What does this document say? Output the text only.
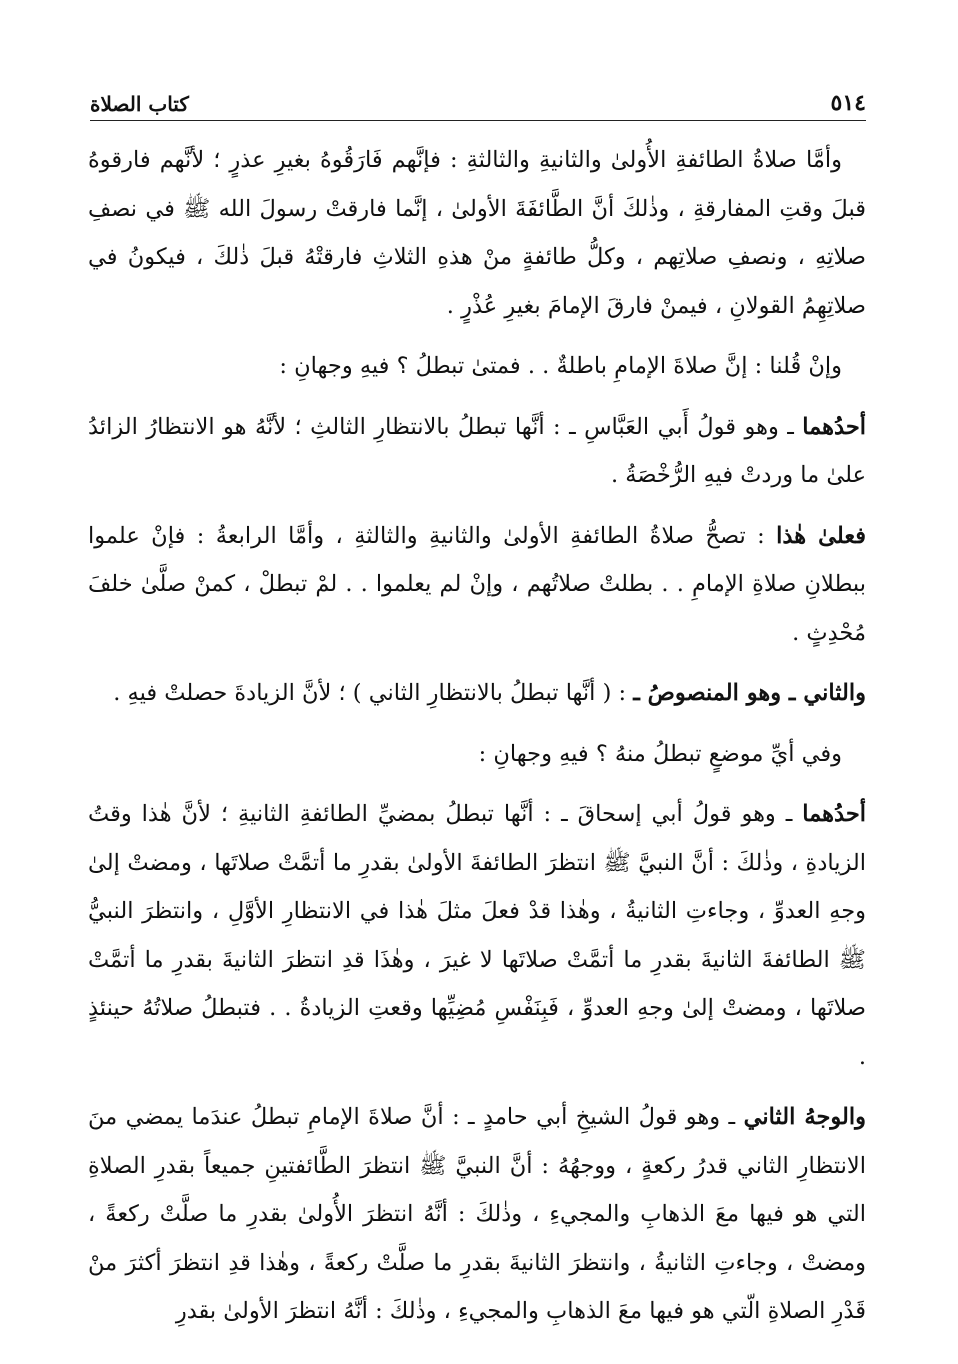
٥١٤
كتاب الصلاة

وأمَّا صلاةُ الطائفةِ الأُولىٰ والثانيةِ والثالثةِ : فإنَّهم فَارَقُوهُ بغيرِ عذرٍ ؛ لأنَّهم فارقوهُ قبلَ وقتِ المفارقةِ ، وذٰلكَ أنَّ الطَّائفَةَ الأولىٰ ، إنَّما فارقتْ رسولَ الله ﷺ في نصفِ صلاتِهِ ، ونصفِ صلاتِهم ، وكلُّ طائفةٍ منْ هذهِ الثلاثِ فارقتْهُ قبلَ ذٰلكَ ، فيكونُ في صلاتِهِمُ القولانِ ، فيمنْ فارقَ الإمامَ بغيرِ عُذْرٍ .

وإنْ قُلنا : إنَّ صلاةَ الإمامِ باطلةٌ . . فمتىٰ تبطلُ ؟ فيهِ وجهانِ :

أحدُهما ـ وهو قولُ أَبي العَبَّاسِ ـ : أنَّها تبطلُ بالانتظارِ الثالثِ ؛ لأنَّهُ هو الانتظارُ الزائدُ علىٰ ما وردتْ فيهِ الرُّخْصَةُ .

فعلىٰ هٰذا : تصحُّ صلاةُ الطائفةِ الأولىٰ والثانيةِ والثالثةِ ، وأمَّا الرابعةُ : فإنْ علموا ببطلانِ صلاةِ الإمامِ . . بطلتْ صلاتُهم ، وإنْ لم يعلموا . . لمْ تبطلْ ، كمنْ صلَّىٰ خلفَ مُحْدِثٍ .

والثاني ـ وهو المنصوصُ ـ : ( أنَّها تبطلُ بالانتظارِ الثاني ) ؛ لأنَّ الزيادةَ حصلتْ فيهِ .

وفي أيِّ موضعٍ تبطلُ منهُ ؟ فيهِ وجهانِ :

أحدُهما ـ وهو قولُ أبي إسحاقَ ـ : أنَّها تبطلُ بمضيِّ الطائفةِ الثانيةِ ؛ لأنَّ هٰذا وقتُ الزيادةِ ، وذٰلكَ : أنَّ النبيَّ ﷺ انتظرَ الطائفةَ الأولىٰ بقدرِ ما أتمَّتْ صلاتَها ، ومضتْ إلىٰ وجهِ العدوِّ ، وجاءتِ الثانيةُ ، وهٰذا قدْ فعلَ مثلَ هٰذا في الانتظارِ الأوَّلِ ، وانتظرَ النبيُّ ﷺ الطائفةَ الثانيةَ بقدرِ ما أتمَّتْ صلاتَها لا غيرَ ، وهٰذَا قدِ انتظرَ الثانيةَ بقدرِ ما أتمَّتْ صلاتَها ، ومضتْ إلىٰ وجهِ العدوِّ ، فَبِنَفْسِ مُضِيِّها وقعتِ الزيادةُ . . فتبطلُ صلاتُهُ حينئذٍ .

والوجهُ الثاني ـ وهو قولُ الشيخِ أبي حامدٍ ـ : أنَّ صلاةَ الإمامِ تبطلُ عندَما يمضي منَ الانتظارِ الثاني قدرُ ركعةٍ ، ووجهُهُ : أنَّ النبيَّ ﷺ انتظرَ الطَّائفتينِ جميعاً بقدرِ الصلاةِ التي هو فيها معَ الذهابِ والمجيءِ ، وذٰلكَ : أنَّهُ انتظرَ الأُولىٰ بقدرِ ما صلَّتْ ركعةً ، ومضتْ ، وجاءتِ الثانيةُ ، وانتظرَ الثانيةَ بقدرِ ما صلَّتْ ركعةً ، وهٰذا قدِ انتظرَ أكثرَ منْ قَدْرِ الصلاةِ الّتي هو فيها معَ الذهابِ والمجيءِ ، وذٰلكَ : أنَّهُ انتظرَ الأولىٰ بقدرِ
